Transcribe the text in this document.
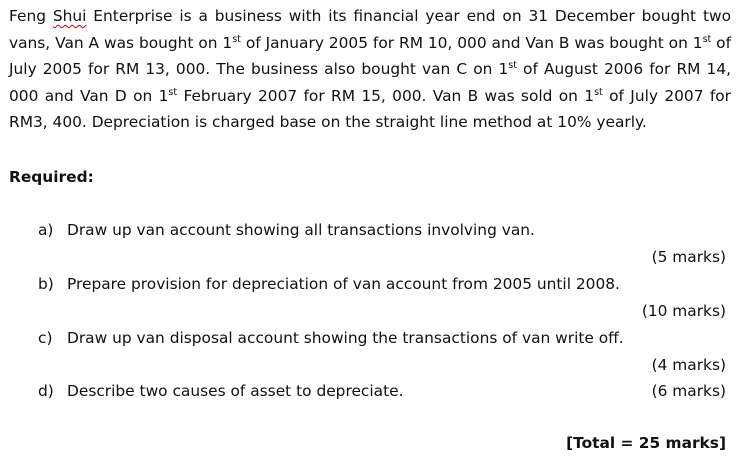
Feng Shui Enterprise is a business with its financial year end on 31 December bought two
vans, Van A was bought on 1st of January 2005 for RM 10, 000 and Van B was bought on 1st of
July 2005 for RM 13, 000. The business also bought van C on 1st of August 2006 for RM 14,
000 and Van D on 1st February 2007 for RM 15, 000. Van B was sold on 1st of July 2007 for
RM3, 400. Depreciation is charged base on the straight line method at 10% yearly.

Required:

a) Draw up van account showing all transactions involving van.
(5 marks)
b) Prepare provision for depreciation of van account from 2005 until 2008.
(10 marks)
c) Draw up van disposal account showing the transactions of van write off.
(4 marks)
d) Describe two causes of asset to depreciate.	(6 marks)
[Total = 25 marks]
